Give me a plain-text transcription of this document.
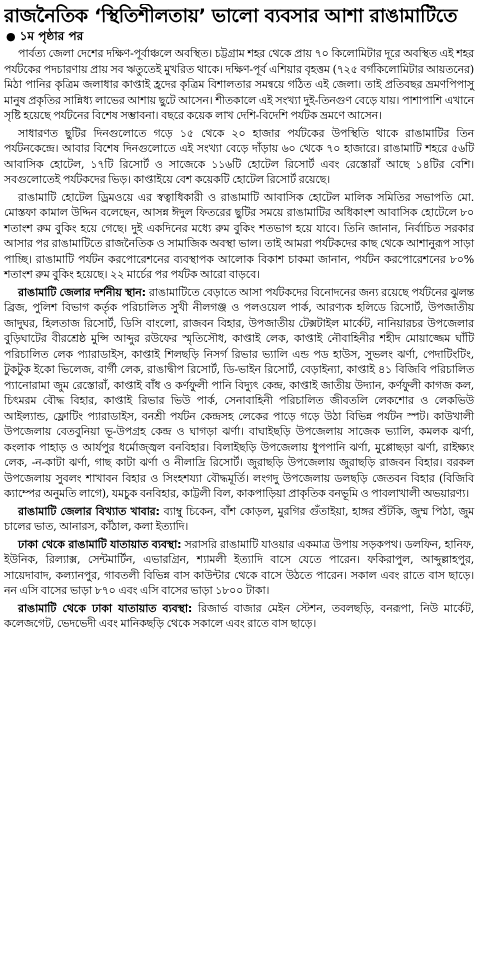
রাজনৈতিক ‘স্থিতিশীলতায়’ ভালো ব্যবসার আশা রাঙামাটিতে
● ১ম পৃষ্ঠার পর

পার্বত্য জেলা দেশের দক্ষিণ-পূর্বাঞ্চলে অবস্থিত। চট্টগ্রাম শহর থেকে প্রায় ৭০ কিলোমিটার দূরে অবস্থিত এই শহর পর্যটকের পদচারণায় প্রায় সব ঋতুতেই মুখরিত থাকে। দক্ষিণ-পূর্ব এশিয়ার বৃহত্তম (৭২৫ বর্গকিলোমিটার আয়তনের) মিঠা পানির কৃত্রিম জলাধার কাপ্তাই হ্রদের কৃত্রিম বিশালতার সমন্বয়ে গঠিত এই জেলা। তাই প্রতিবছর ভ্রমণপিপাসু মানুষ প্রকৃতির সান্নিধ্য লাভের আশায় ছুটে আসেন। শীতকালে এই সংখ্যা দুই-তিনগুণ বেড়ে যায়। পাশাপাশি এখানে সৃষ্টি হয়েছে পর্যটনের বিশেষ সম্ভাবনা। বছরে কয়েক লাখ দেশি-বিদেশি পর্যটক ভ্রমণে আসেন।

সাধারণত ছুটির দিনগুলোতে গড়ে ১৫ থেকে ২০ হাজার পর্যটকের উপস্থিতি থাকে রাঙামাটির তিন পর্যটনকেন্দ্রে। আবার বিশেষ দিনগুলোতে এই সংখ্যা বেড়ে দাঁড়ায় ৬০ থেকে ৭০ হাজারে। রাঙামাটি শহরে ৫৬টি আবাসিক হোটেল, ১৭টি রিসোর্ট ও সাজেকে ১১৬টি হোটেল রিসোর্ট এবং রেস্তোরাঁ আছে ১৪টির বেশি। সবগুলোতেই পর্যটকদের ভিড়। কাপ্তাইয়ে বেশ কয়েকটি হোটেল রিসোর্ট রয়েছে।

রাঙামাটি হোটেল ড্রিমওয়ে এর স্বত্বাধিকারী ও রাঙামাটি আবাসিক হোটেল মালিক সমিতির সভাপতি মো. মোস্তফা কামাল উদ্দিন বলেছেন, আসন্ন ঈদুল ফিতরের ছুটির সময়ে রাঙামাটির অধিকাংশ আবাসিক হোটেলে ৮০ শতাংশ রুম বুকিং হয়ে গেছে। দুই একদিনের মধ্যে রুম বুকিং শতভাগ হয়ে যাবে। তিনি জানান, নির্বাচিত সরকার আসার পর রাঙামাটিতে রাজনৈতিক ও সামাজিক অবস্থা ভাল। তাই আমরা পর্যটকদের কাছ থেকে আশানুরূপ সাড়া পাচ্ছি। রাঙামাটি পর্যটন করপোরেশনের ব্যবস্থাপক আলোক বিকাশ চাকমা জানান, পর্যটন করপোরেশনের ৮০% শতাংশ রুম বুকিং হয়েছে। ২২ মার্চের পর পর্যটক আরো বাড়বে।

রাঙামাটি জেলার দর্শনীয় স্থান: রাঙামাটিতে বেড়াতে আসা পর্যটকদের বিনোদনের জন্য রয়েছে পর্যটনের ঝুলন্ত ব্রিজ, পুলিশ বিভাগ কর্তৃক পরিচালিত সুখী নীলগঞ্জ ও পলওয়েল পার্ক, আরণ্যক হলিডে রিসোর্ট, উপজাতীয় জাদুঘর, হিলতাজ রিসোর্ট, ডিসি বাংলো, রাজবন বিহার, উপজাতীয় টেক্সটাইল মার্কেট, নানিয়ারচর উপজেলার বুড়িঘাটের বীরশ্রেষ্ঠ মুন্সি আব্দুর রউফের স্মৃতিসৌধ, কাপ্তাই লেক, কাপ্তাই নৌবাহিনীর শহীদ মোয়াজ্জেম ঘাঁটি পরিচালিত লেক প্যারাডাইস, কাপ্তাই শিলছড়ি নিসর্গ রিভার ভ্যালি এন্ড পড হাউস, সুভলং ঝর্ণা, পেদাটিংটিং, টুকটুক ইকো ভিলেজ, বার্গী লেক, রাঙাদ্বীপ রিসোর্ট, ডি-ভাইন রিসোর্ট, বেড়াইন্যা, কাপ্তাই ৪১ বিজিবি পরিচালিত প্যানোরামা জুম রেস্তোরাঁ, কাপ্তাই বাঁধ ও কর্ণফুলী পানি বিদ্যুৎ কেন্দ্র, কাপ্তাই জাতীয় উদ্যান, কর্ণফুলী কাগজ কল, চিৎমরম বৌদ্ধ বিহার, কাপ্তাই রিভার ভিউ পার্ক, সেনাবাহিনী পরিচালিত জীবতলি লেকশোর ও লেকভিউ আইল্যান্ড, ফ্লোটিং প্যারাডাইস, বনশ্রী পর্যটন কেন্দ্রসহ লেকের পাড়ে গড়ে উঠা বিভিন্ন পর্যটন স্পট। কাউখালী উপজেলায় বেতবুনিয়া ভূ-উপগ্রহ কেন্দ্র ও ঘাগড়া ঝর্ণা। বাঘাইছড়ি উপজেলায় সাজেক ভ্যালি, কমলক ঝর্ণা, কংলাক পাহাড় ও আর্যপুর ধর্মোজ্জ্বল বনবিহার। বিলাইছড়ি উপজেলায় ধুপপানি ঝর্ণা, মুপ্পোছড়া ঝর্ণা, রাইক্ষ্যং লেক, -ন-কাটা ঝর্ণা, গাছ কাটা ঝর্ণা ও নীলাদ্রি রিসোর্ট। জুরাছড়ি উপজেলায় জুরাছড়ি রাজবন বিহার। বরকল উপজেলায় সুবলং শাখাবন বিহার ও সিংহশয্যা বৌদ্ধমূর্তি। লংগদু উপজেলায় ডলছড়ি জেতবন বিহার (বিজিবি ক্যাম্পের অনুমতি লাগে), যমচুক বনবিহার, কাট্টলী বিল, কাকপাড়িয়া প্রাকৃতিক বনভূমি ও পাবলাখালী অভয়ারণ্য।

রাঙামাটি জেলার বিখ্যাত খাবার: ব্যাম্বু চিকেন, বাঁশ কোড়ল, মুরগির গুঁতাইয়া, হাঙ্গর শুঁটকি, জুম্ম পিঠা, জুম চালের ভাত, আনারস, কাঁঠাল, কলা ইত্যাদি।

ঢাকা থেকে রাঙামাটি যাতায়াত ব্যবস্থা: সরাসরি রাঙামাটি যাওয়ার একমাত্র উপায় সড়কপথ। ডলফিন, হানিফ, ইউনিক, রিল্যাক্স, সেন্টমার্টিন, এভারগ্রিন, শ্যামলী ইত্যাদি বাসে যেতে পারেন। ফকিরাপুল, আব্দুল্লাহপুর, সায়েদাবাদ, কল্যানপুর, গাবতলী বিভিন্ন বাস কাউন্টার থেকে বাসে উঠতে পারেন। সকাল এবং রাতে বাস ছাড়ে। নন এসি বাসের ভাড়া ৮৭০ এবং এসি বাসের ভাড়া ১৮০০ টাকা।

রাঙামাটি থেকে ঢাকা যাতায়াত ব্যবস্থা: রিজার্ভ বাজার মেইন স্টেশন, তবলছড়ি, বনরূপা, নিউ মার্কেট, কলেজগেট, ভেদভেদী এবং মানিকছড়ি থেকে সকালে এবং রাতে বাস ছাড়ে।
